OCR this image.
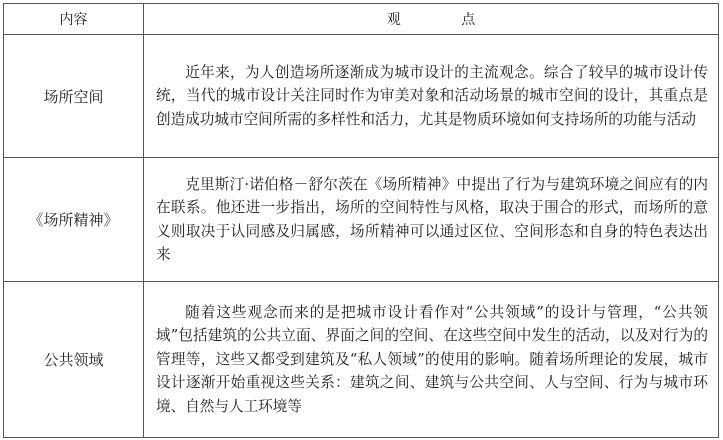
内容	观 点
场所空间	近年来，为人创造场所逐渐成为城市设计的主流观念。综合了较早的城市设计传统，当代的城市设计关注同时作为审美对象和活动场景的城市空间的设计，其重点是创造成功城市空间所需的多样性和活力，尤其是物质环境如何支持场所的功能与活动
《场所精神》	克里斯汀·诺伯格－舒尔茨在《场所精神》中提出了行为与建筑环境之间应有的内在联系。他还进一步指出，场所的空间特性与风格，取决于围合的形式，而场所的意义则取决于认同感及归属感，场所精神可以通过区位、空间形态和自身的特色表达出来
公共领域	随着这些观念而来的是把城市设计看作对“公共领域”的设计与管理，“公共领域”包括建筑的公共立面、界面之间的空间、在这些空间中发生的活动，以及对行为的管理等，这些又都受到建筑及“私人领域”的使用的影响。随着场所理论的发展，城市设计逐渐开始重视这些关系：建筑之间、建筑与公共空间、人与空间、行为与城市环境、自然与人工环境等
